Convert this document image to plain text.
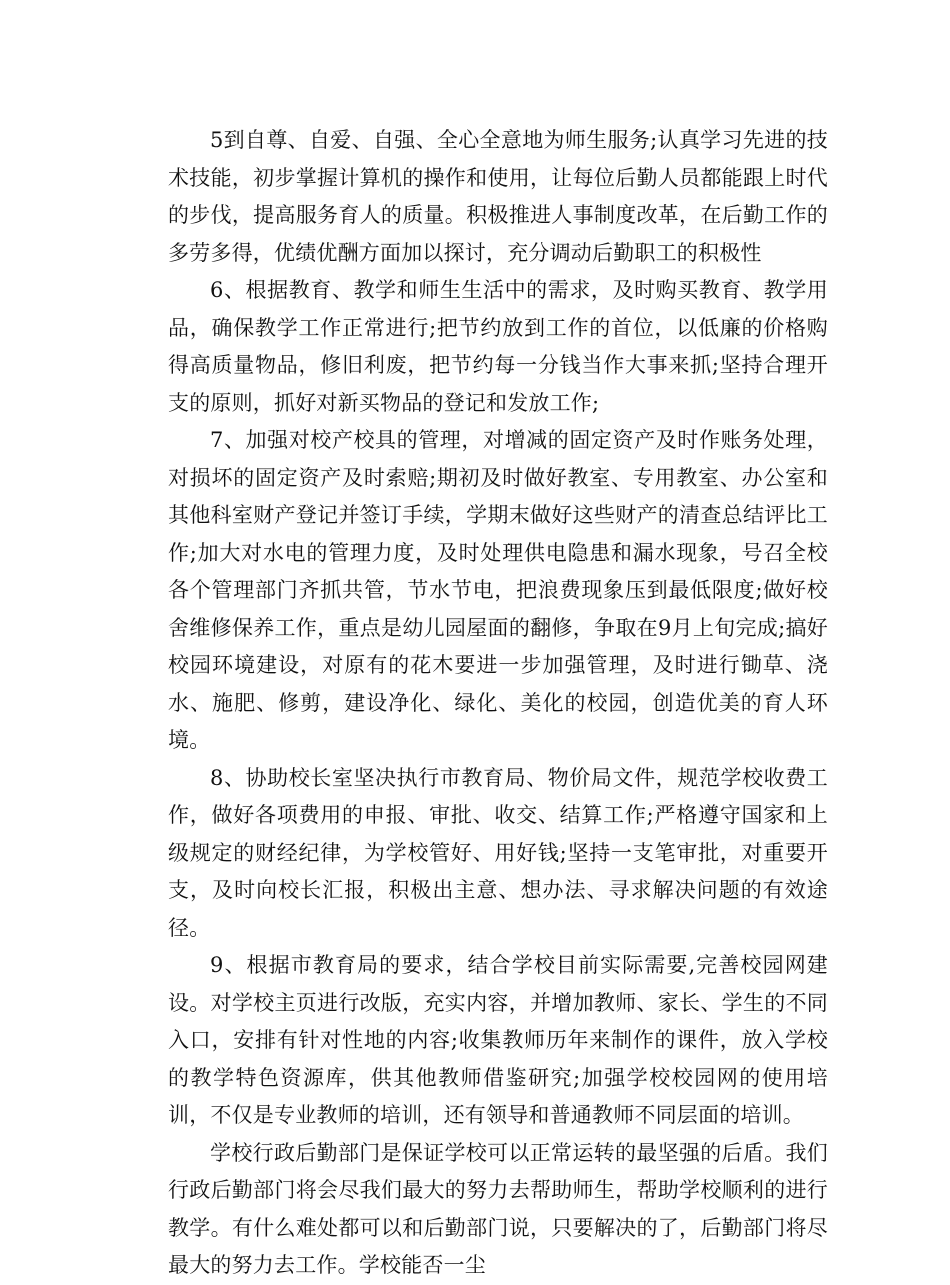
5到自尊、自爱、自强、全心全意地为师生服务;认真学习先进的技术技能，初步掌握计算机的操作和使用，让每位后勤人员都能跟上时代的步伐，提高服务育人的质量。积极推进人事制度改革，在后勤工作的多劳多得，优绩优酬方面加以探讨，充分调动后勤职工的积极性

6、根据教育、教学和师生生活中的需求，及时购买教育、教学用品，确保教学工作正常进行;把节约放到工作的首位，以低廉的价格购得高质量物品，修旧利废，把节约每一分钱当作大事来抓;坚持合理开支的原则，抓好对新买物品的登记和发放工作;

7、加强对校产校具的管理，对增减的固定资产及时作账务处理，对损坏的固定资产及时索赔;期初及时做好教室、专用教室、办公室和其他科室财产登记并签订手续，学期末做好这些财产的清查总结评比工作;加大对水电的管理力度，及时处理供电隐患和漏水现象，号召全校各个管理部门齐抓共管，节水节电，把浪费现象压到最低限度;做好校舍维修保养工作，重点是幼儿园屋面的翻修，争取在9月上旬完成;搞好校园环境建设，对原有的花木要进一步加强管理，及时进行锄草、浇水、施肥、修剪，建设净化、绿化、美化的校园，创造优美的育人环境。

8、协助校长室坚决执行市教育局、物价局文件，规范学校收费工作，做好各项费用的申报、审批、收交、结算工作;严格遵守国家和上级规定的财经纪律，为学校管好、用好钱;坚持一支笔审批，对重要开支，及时向校长汇报，积极出主意、想办法、寻求解决问题的有效途径。

9、根据市教育局的要求，结合学校目前实际需要,完善校园网建设。对学校主页进行改版，充实内容，并增加教师、家长、学生的不同入口，安排有针对性地的内容;收集教师历年来制作的课件，放入学校的教学特色资源库，供其他教师借鉴研究;加强学校校园网的使用培训，不仅是专业教师的培训，还有领导和普通教师不同层面的培训。

学校行政后勤部门是保证学校可以正常运转的最坚强的后盾。我们行政后勤部门将会尽我们最大的努力去帮助师生，帮助学校顺利的进行教学。有什么难处都可以和后勤部门说，只要解决的了，后勤部门将尽最大的努力去工作。学校能否一尘
